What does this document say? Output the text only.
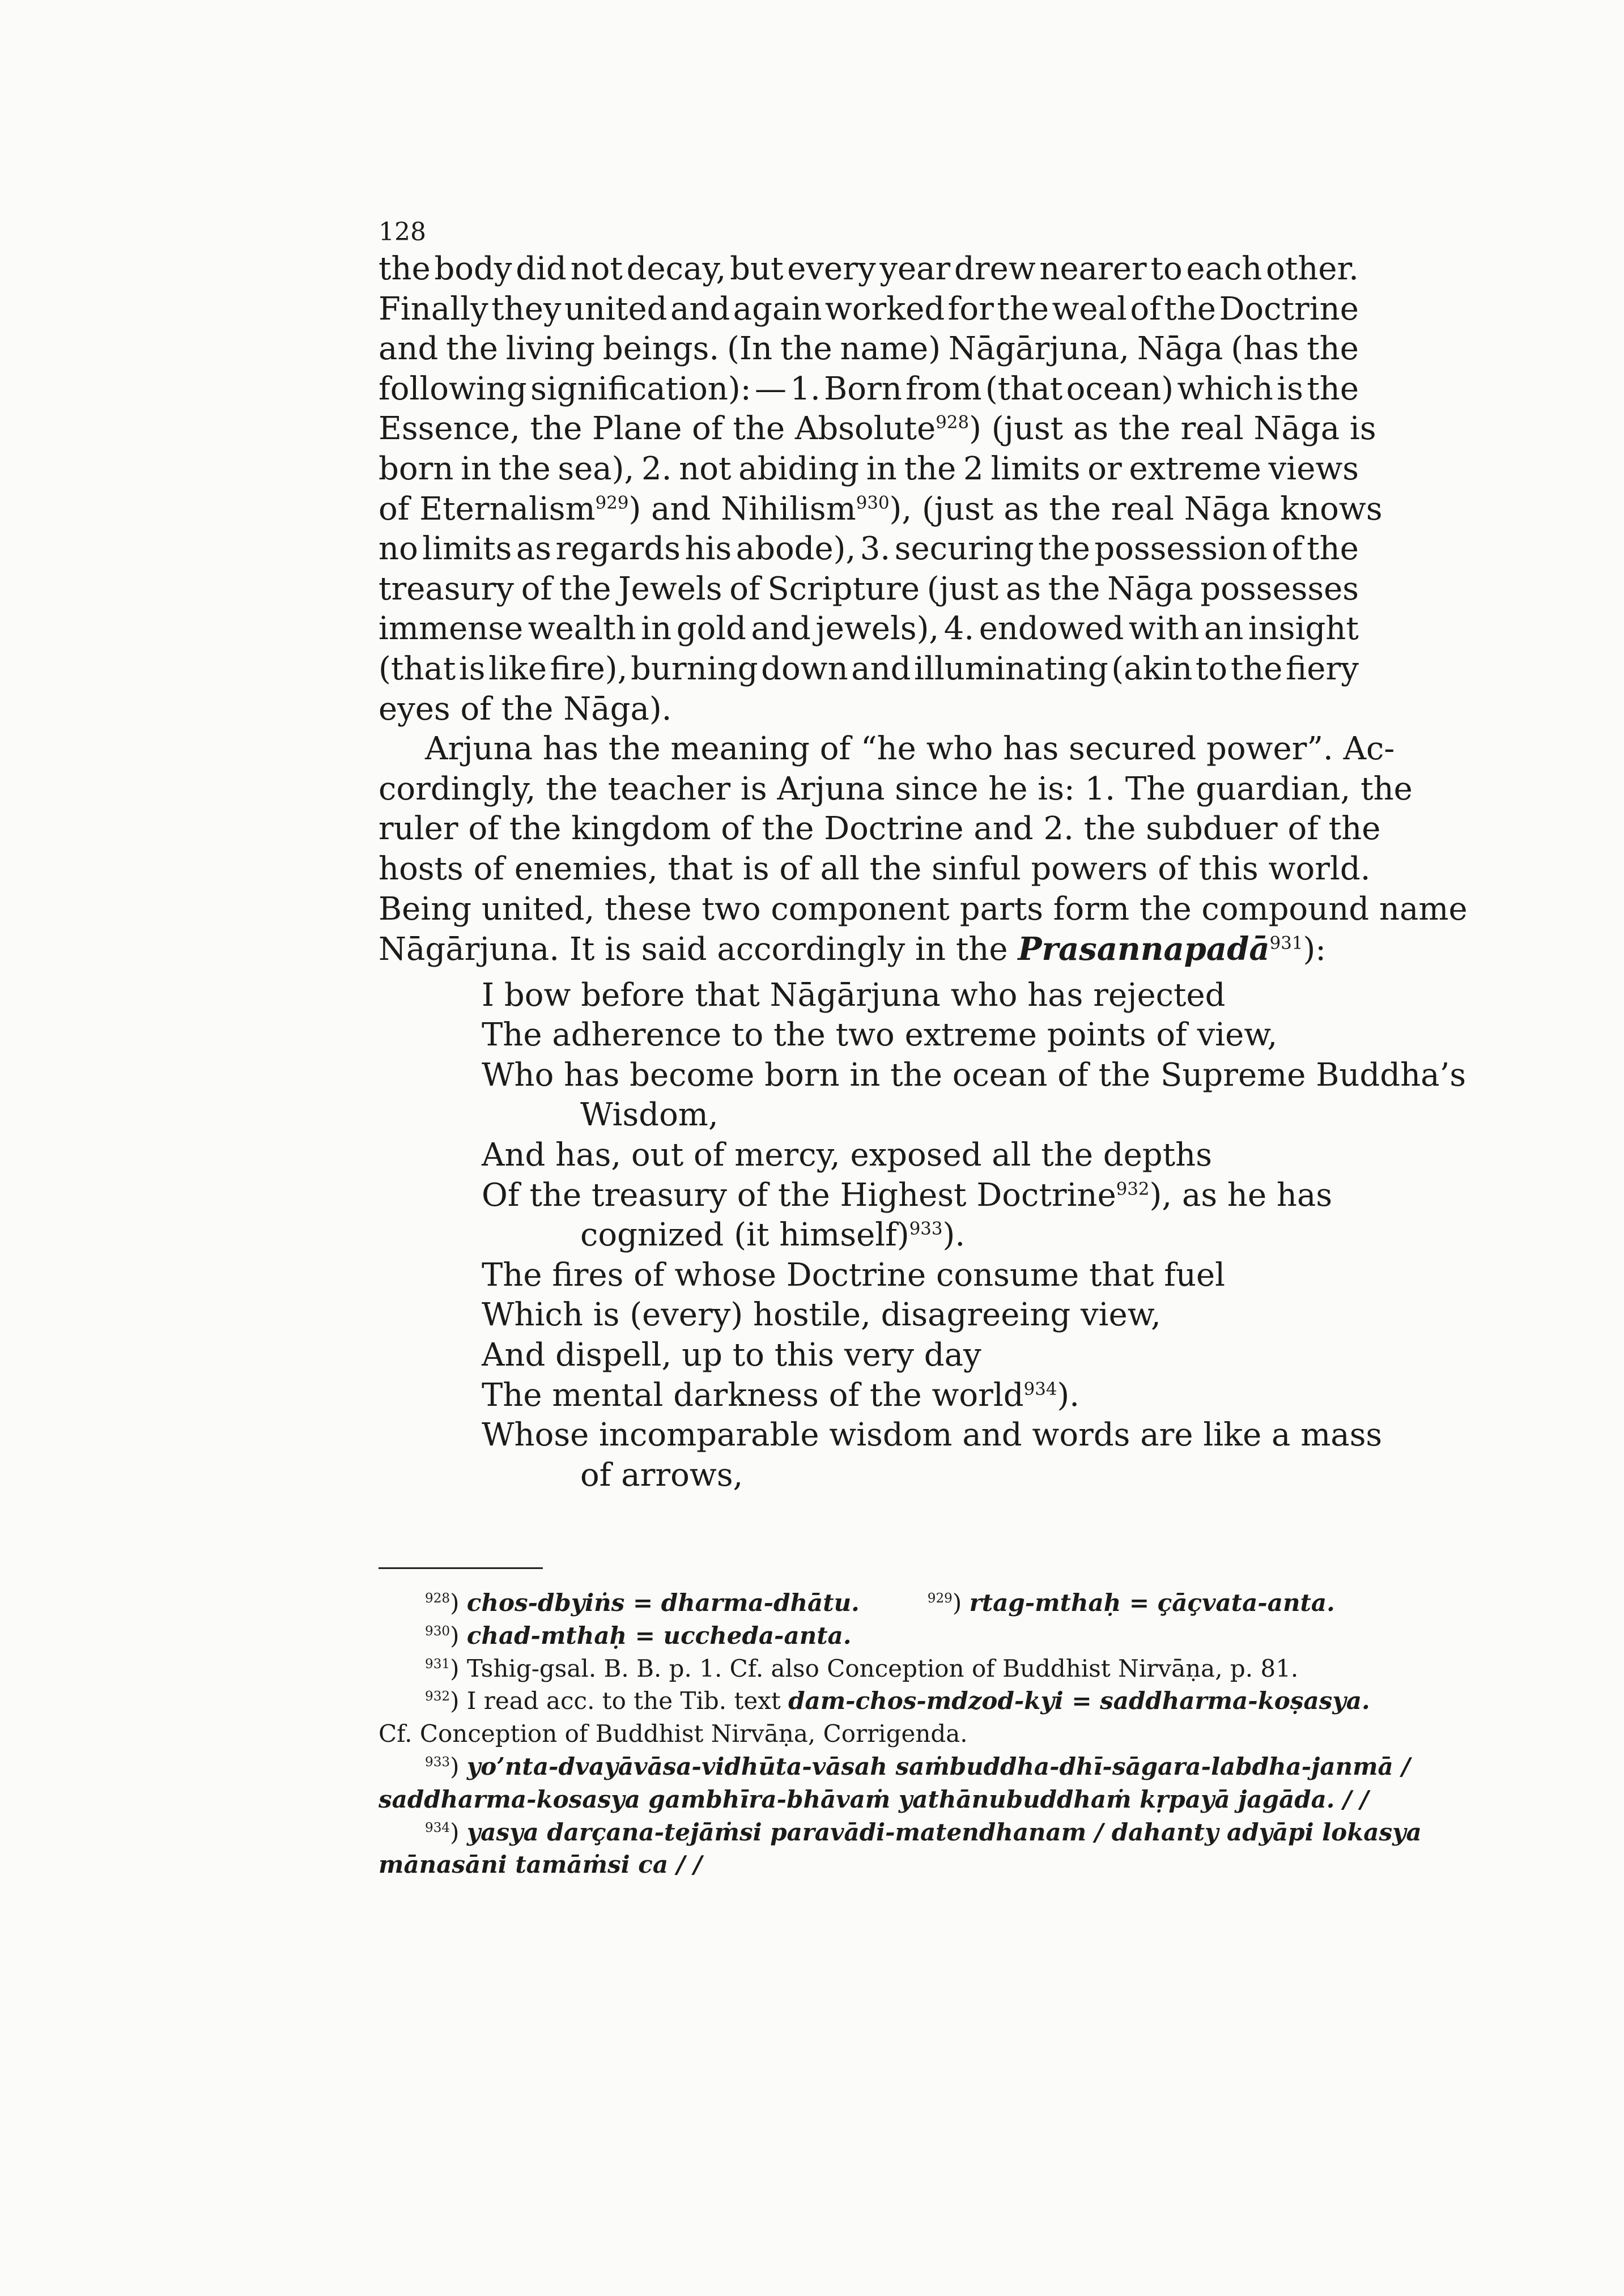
128
the body did not decay, but every year drew nearer to each other.
Finally they united and again worked for the weal of the Doctrine
and the living beings. (In the name) Nāgārjuna, Nāga (has the
following signification): — 1. Born from (that ocean) which is the
Essence, the Plane of the Absolute$^{928}$) (just as the real Nāga is
born in the sea), 2. not abiding in the 2 limits or extreme views
of Eternalism$^{929}$) and Nihilism$^{930}$), (just as the real Nāga knows
no limits as regards his abode), 3. securing the possession of the
treasury of the Jewels of Scripture (just as the Nāga possesses
immense wealth in gold and jewels), 4. endowed with an insight
(that is like fire), burning down and illuminating (akin to the fiery
eyes of the Nāga).
Arjuna has the meaning of “he who has secured power”. Ac-
cordingly, the teacher is Arjuna since he is: 1. The guardian, the
ruler of the kingdom of the Doctrine and 2. the subduer of the
hosts of enemies, that is of all the sinful powers of this world.
Being united, these two component parts form the compound name
Nāgārjuna. It is said accordingly in the Prasannapadā$^{931}$):
I bow before that Nāgārjuna who has rejected
The adherence to the two extreme points of view,
Who has become born in the ocean of the Supreme Buddha’s
Wisdom,
And has, out of mercy, exposed all the depths
Of the treasury of the Highest Doctrine$^{932}$), as he has
cognized (it himself)$^{933}$).
The fires of whose Doctrine consume that fuel
Which is (every) hostile, disagreeing view,
And dispell, up to this very day
The mental darkness of the world$^{934}$).
Whose incomparable wisdom and words are like a mass
of arrows,
$^{928}$) chos-dbyiṅs = dharma-dhātu.	$^{929}$) rtag-mthaḥ = çāçvata-anta.
$^{930}$) chad-mthaḥ = uccheda-anta.
$^{931}$) Tshig-gsal. B. B. p. 1. Cf. also Conception of Buddhist Nirvāṇa, p. 81.
$^{932}$) I read acc. to the Tib. text dam-chos-mdzod-kyi = saddharma-koṣasya.
Cf. Conception of Buddhist Nirvāṇa, Corrigenda.
$^{933}$) yo’nta-dvayāvāsa-vidhūta-vāsah saṁbuddha-dhī-sāgara-labdha-janmā /
saddharma-kosasya gambhīra-bhāvaṁ yathānubuddhaṁ kṛpayā jagāda. / /
$^{934}$) yasya darçana-tejāṁsi paravādi-matendhanam / dahanty adyāpi lokasya
mānasāni tamāṁsi ca / /
